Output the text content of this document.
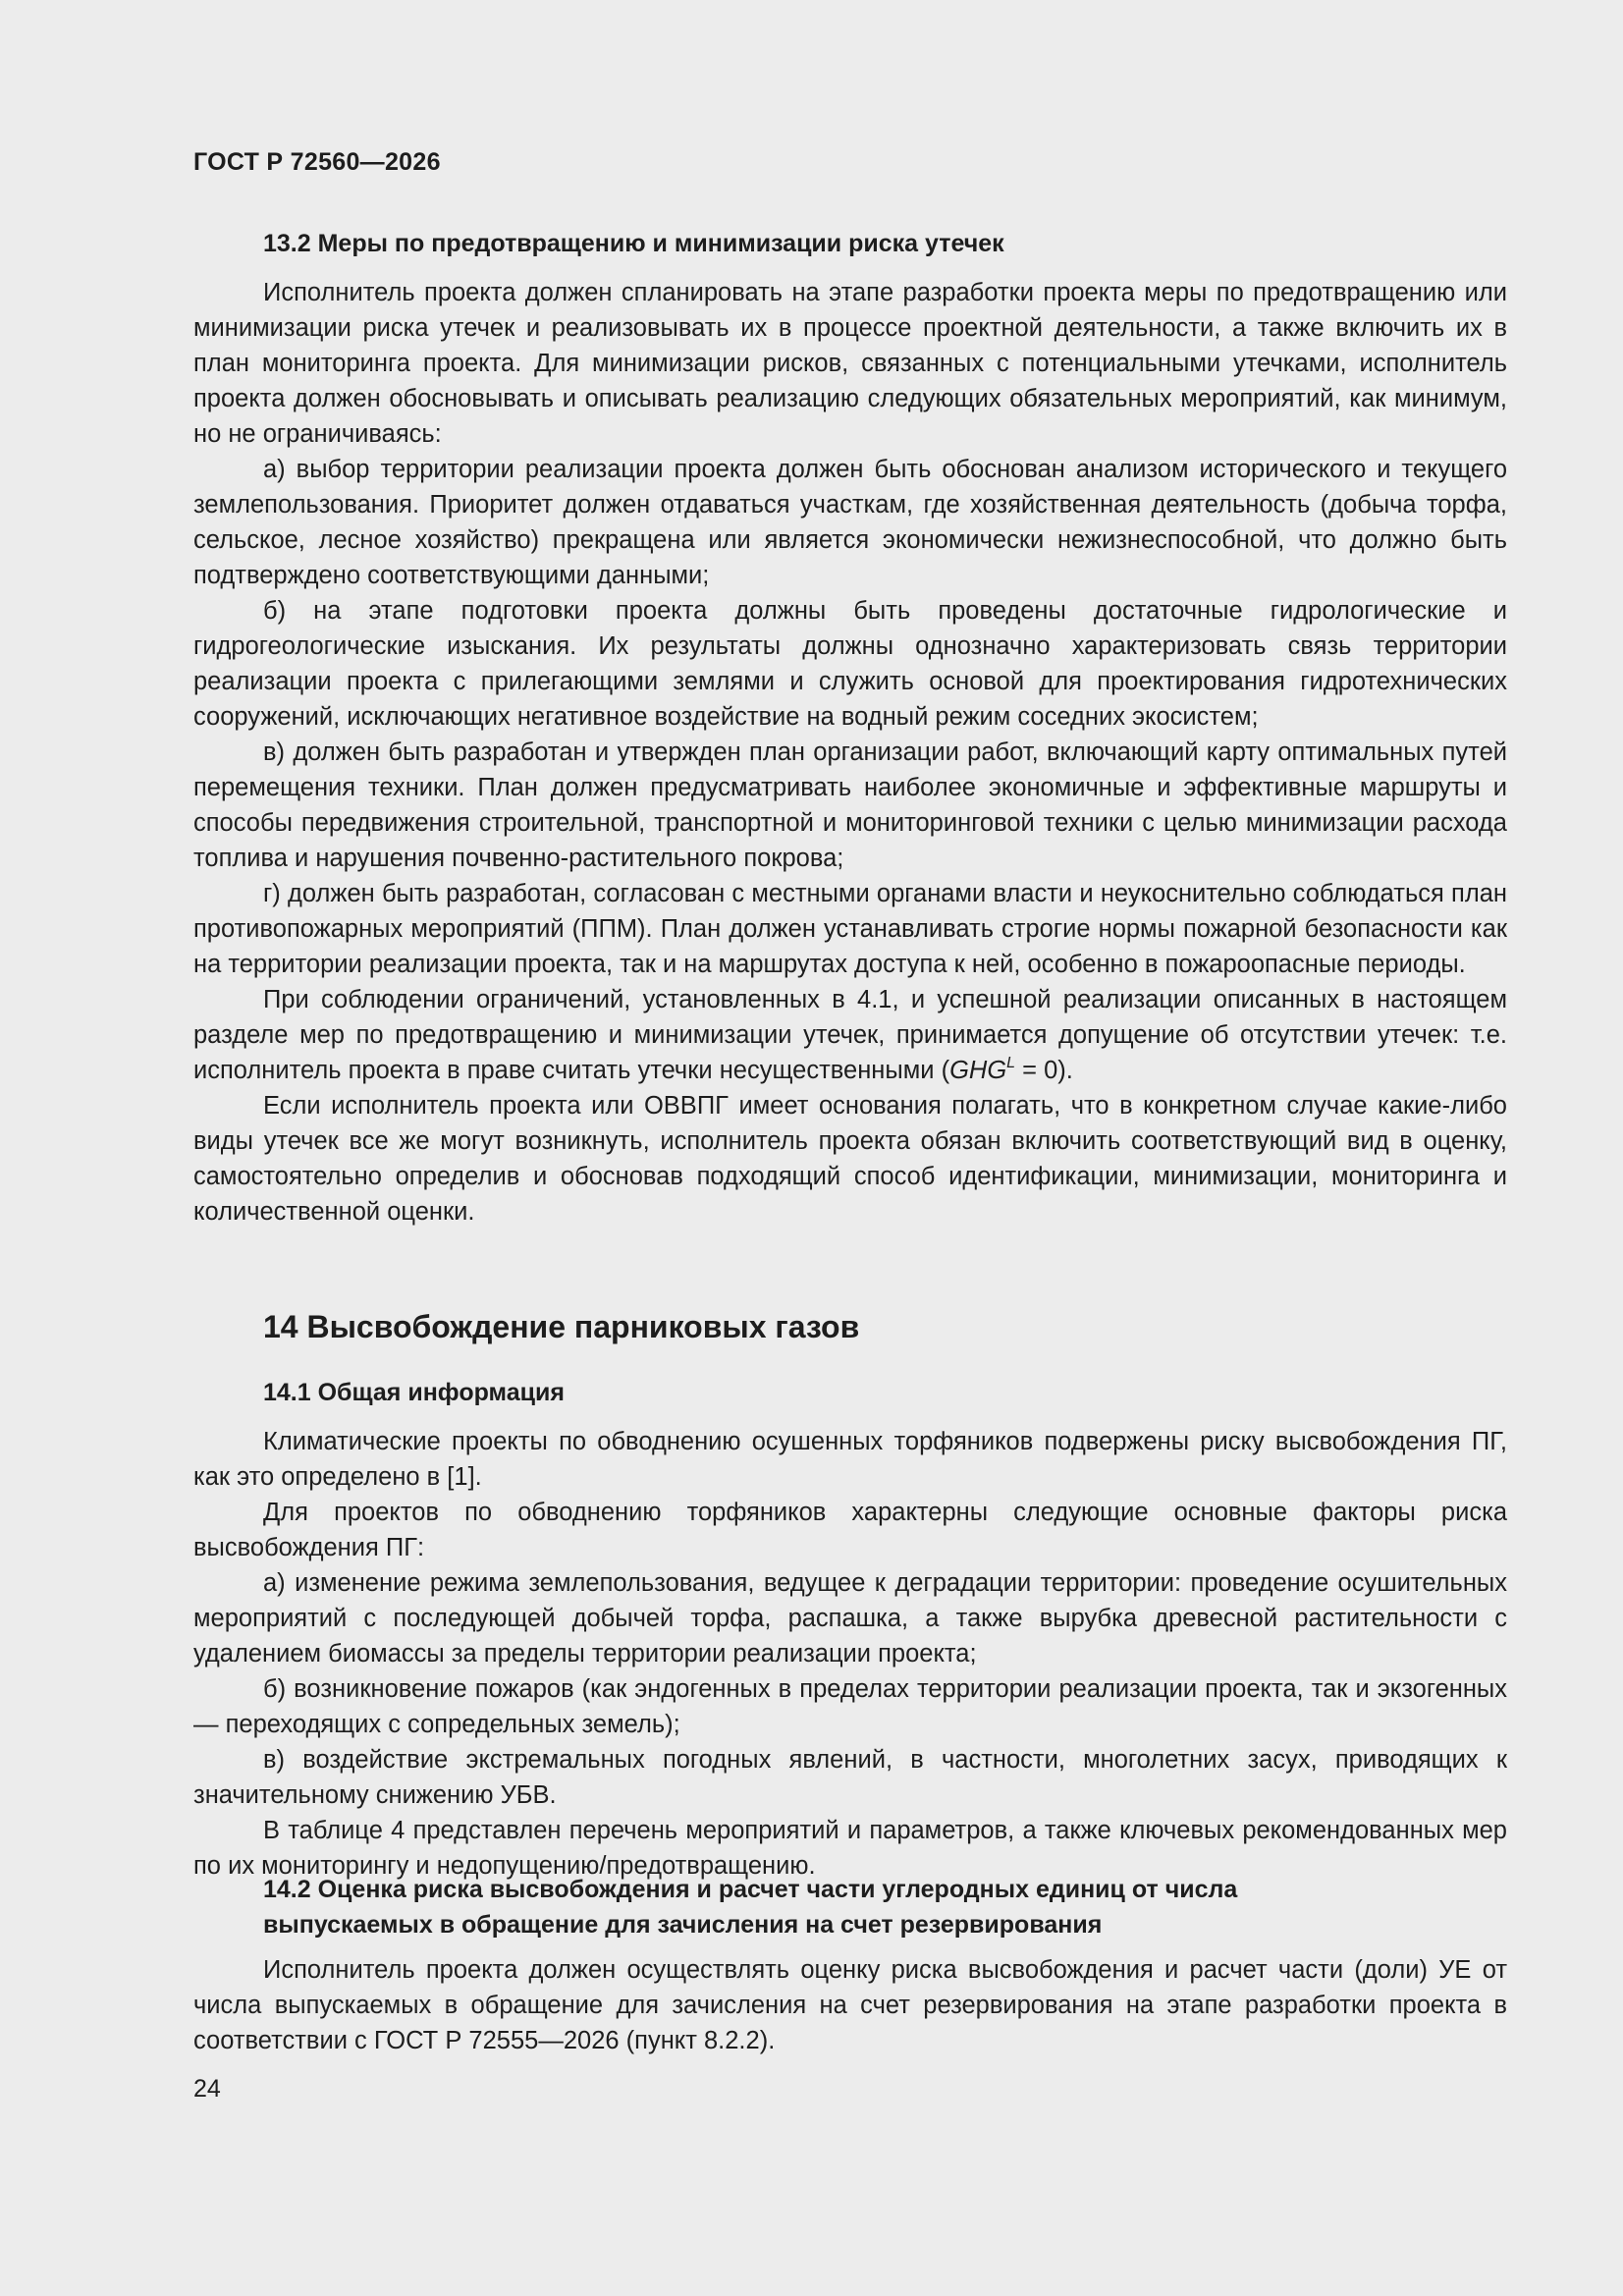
ГОСТ Р 72560—2026
13.2 Меры по предотвращению и минимизации риска утечек

Исполнитель проекта должен спланировать на этапе разработки проекта меры по предотвращению или минимизации риска утечек и реализовывать их в процессе проектной деятельности, а также включить их в план мониторинга проекта. Для минимизации рисков, связанных с потенциальными утечками, исполнитель проекта должен обосновывать и описывать реализацию следующих обязательных мероприятий, как минимум, но не ограничиваясь:

а) выбор территории реализации проекта должен быть обоснован анализом исторического и текущего землепользования. Приоритет должен отдаваться участкам, где хозяйственная деятельность (добыча торфа, сельское, лесное хозяйство) прекращена или является экономически нежизнеспособной, что должно быть подтверждено соответствующими данными;

б) на этапе подготовки проекта должны быть проведены достаточные гидрологические и гидрогеологические изыскания. Их результаты должны однозначно характеризовать связь территории реализации проекта с прилегающими землями и служить основой для проектирования гидротехнических сооружений, исключающих негативное воздействие на водный режим соседних экосистем;

в) должен быть разработан и утвержден план организации работ, включающий карту оптимальных путей перемещения техники. План должен предусматривать наиболее экономичные и эффективные маршруты и способы передвижения строительной, транспортной и мониторинговой техники с целью минимизации расхода топлива и нарушения почвенно-растительного покрова;

г) должен быть разработан, согласован с местными органами власти и неукоснительно соблюдаться план противопожарных мероприятий (ППМ). План должен устанавливать строгие нормы пожарной безопасности как на территории реализации проекта, так и на маршрутах доступа к ней, особенно в пожароопасные периоды.

При соблюдении ограничений, установленных в 4.1, и успешной реализации описанных в настоящем разделе мер по предотвращению и минимизации утечек, принимается допущение об отсутствии утечек: т.е. исполнитель проекта в праве считать утечки несущественными $(GHG^L = 0)$.

Если исполнитель проекта или ОВВПГ имеет основания полагать, что в конкретном случае какие-либо виды утечек все же могут возникнуть, исполнитель проекта обязан включить соответствующий вид в оценку, самостоятельно определив и обосновав подходящий способ идентификации, минимизации, мониторинга и количественной оценки.

14 Высвобождение парниковых газов
14.1 Общая информация

Климатические проекты по обводнению осушенных торфяников подвержены риску высвобождения ПГ, как это определено в [1].

Для проектов по обводнению торфяников характерны следующие основные факторы риска высвобождения ПГ:

а) изменение режима землепользования, ведущее к деградации территории: проведение осушительных мероприятий с последующей добычей торфа, распашка, а также вырубка древесной растительности с удалением биомассы за пределы территории реализации проекта;

б) возникновение пожаров (как эндогенных в пределах территории реализации проекта, так и экзогенных — переходящих с сопредельных земель);

в) воздействие экстремальных погодных явлений, в частности, многолетних засух, приводящих к значительному снижению УБВ.

В таблице 4 представлен перечень мероприятий и параметров, а также ключевых рекомендованных мер по их мониторингу и недопущению/предотвращению.

14.2 Оценка риска высвобождения и расчет части углеродных единиц от числа
выпускаемых в обращение для зачисления на счет резервирования

Исполнитель проекта должен осуществлять оценку риска высвобождения и расчет части (доли) УЕ от числа выпускаемых в обращение для зачисления на счет резервирования на этапе разработки проекта в соответствии с ГОСТ Р 72555—2026 (пункт 8.2.2).

24
